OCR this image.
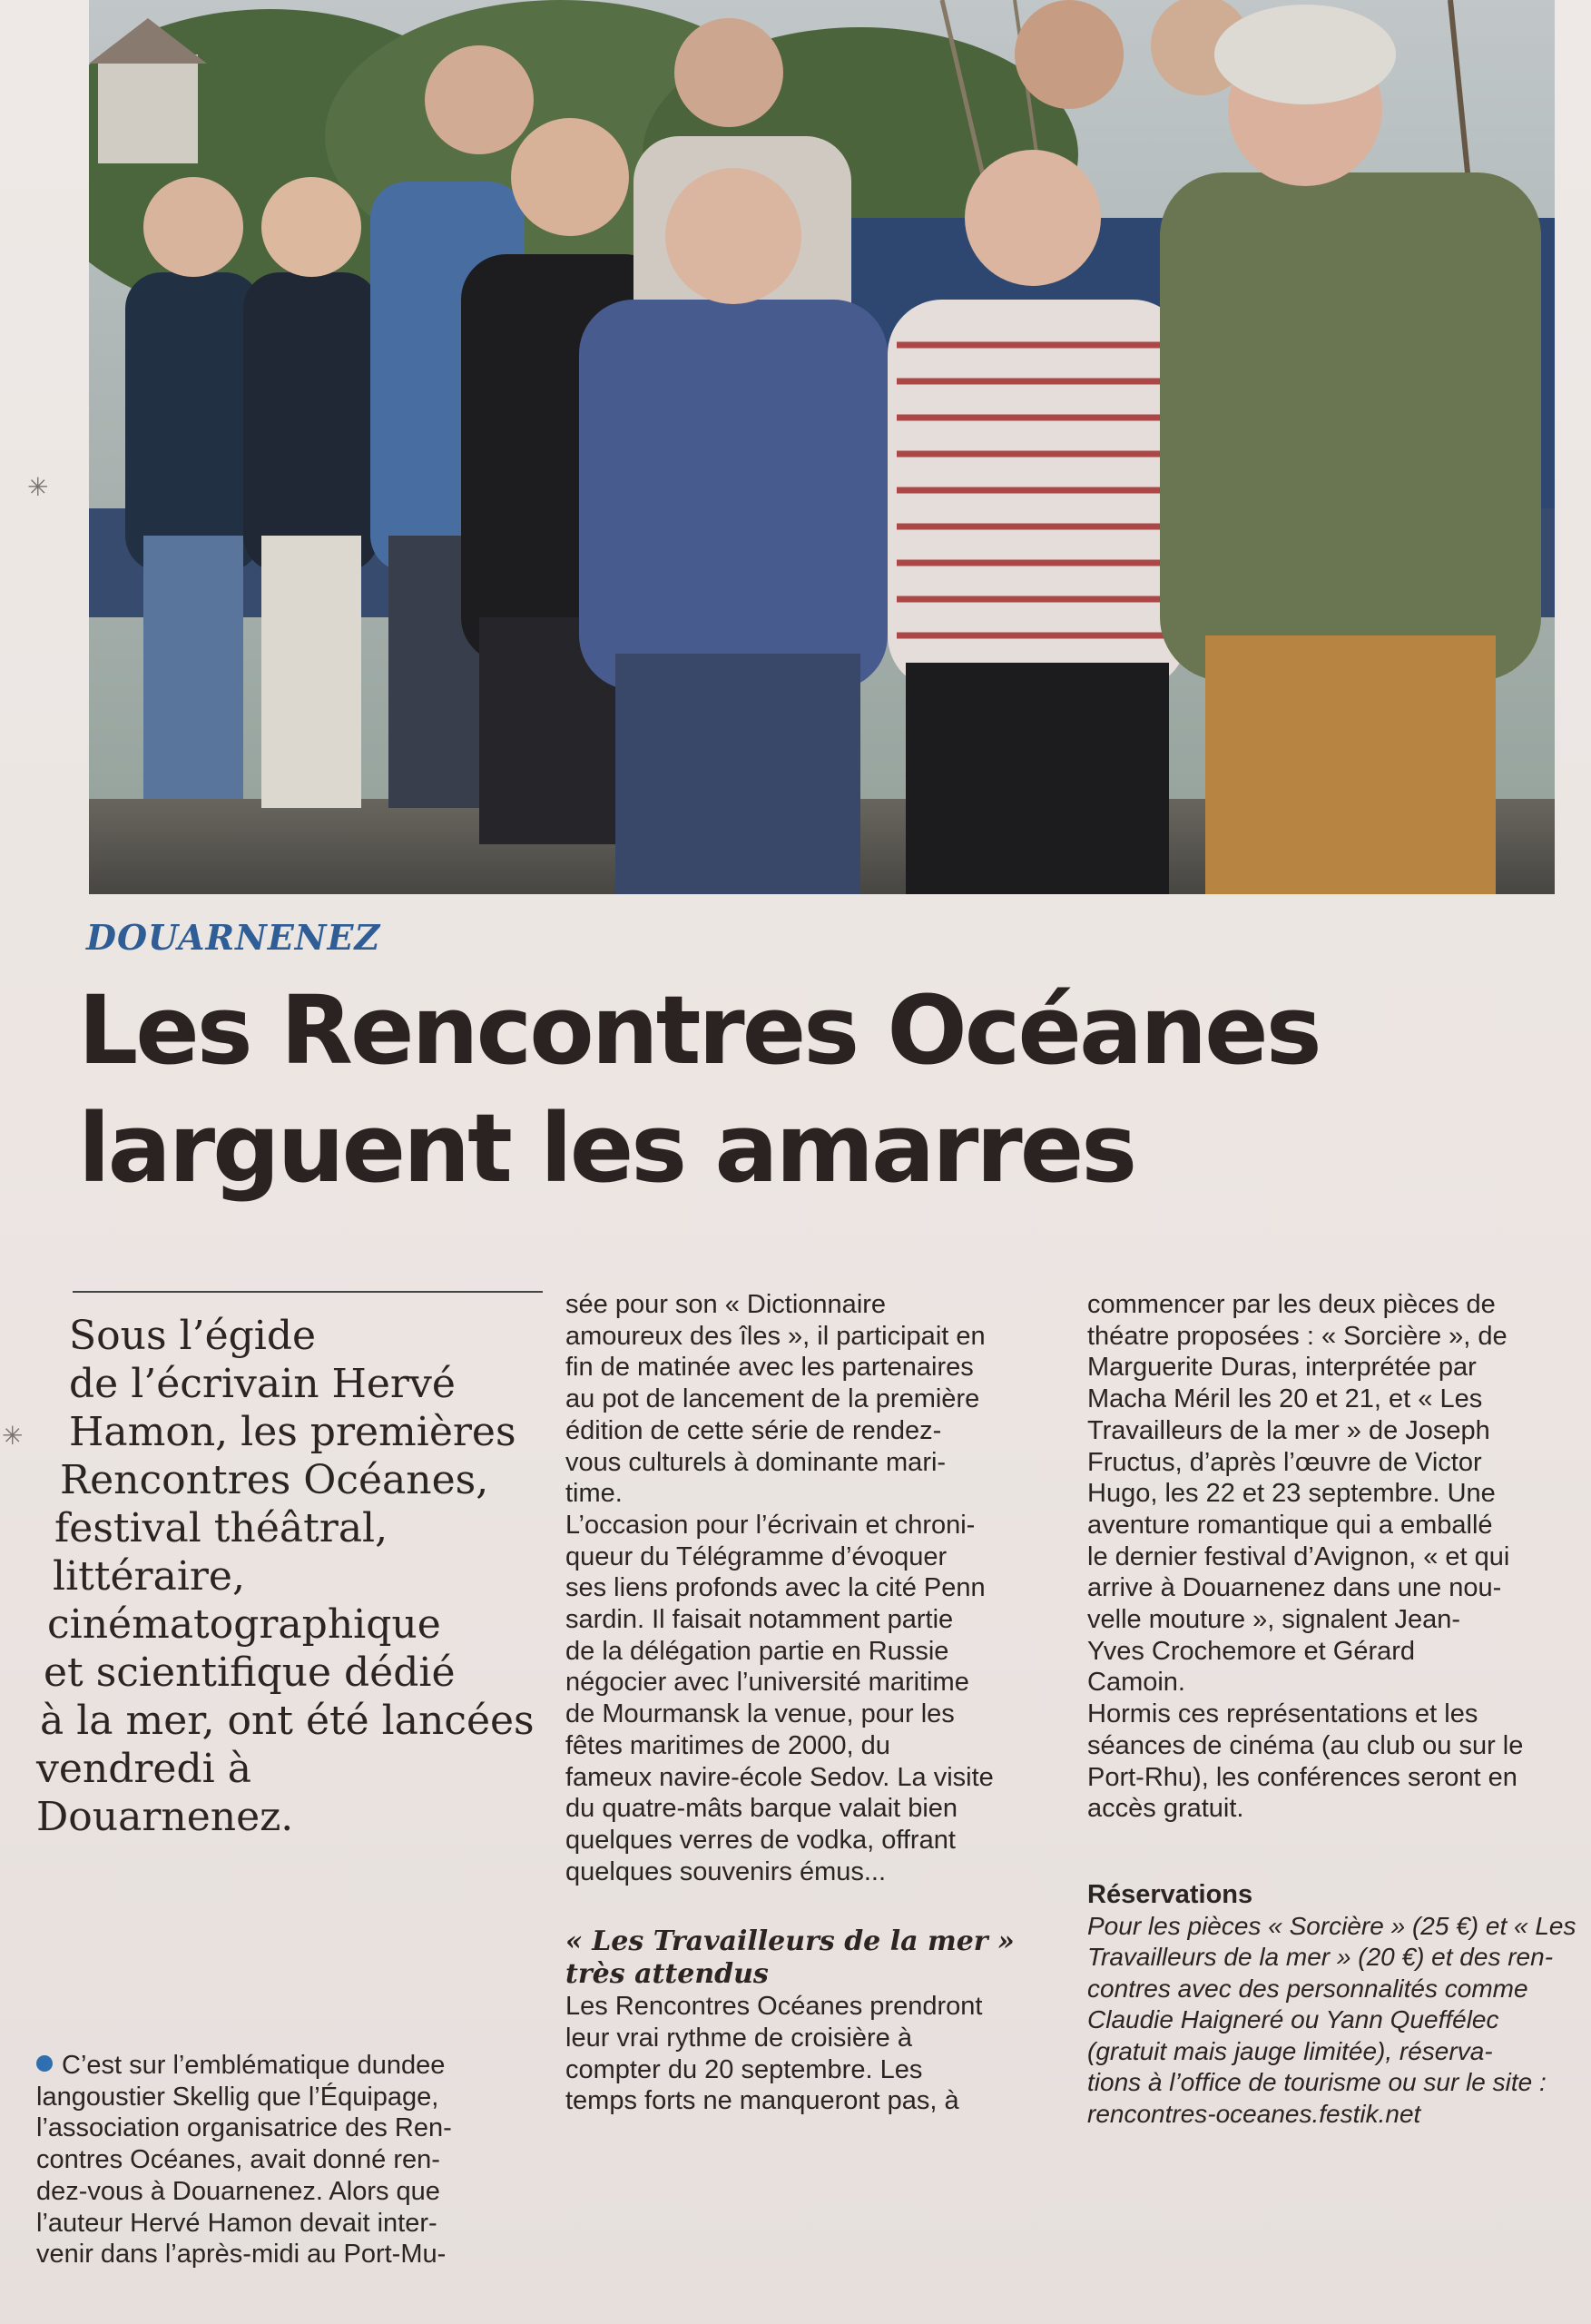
DOUARNENEZ
Les Rencontres Océanes
larguent les amarres
Sous l’égide
de l’écrivain Hervé
Hamon, les premières
Rencontres Océanes,
festival théâtral,
littéraire,
cinématographique
et scientifique dédié
à la mer, ont été lancées
vendredi à
Douarnenez.
C’est sur l’emblématique dundee
langoustier Skellig que l’Équipage,
l’association organisatrice des Ren-
contres Océanes, avait donné ren-
dez-vous à Douarnenez. Alors que
l’auteur Hervé Hamon devait inter-
venir dans l’après-midi au Port-Mu-
sée pour son « Dictionnaire
amoureux des îles », il participait en
fin de matinée avec les partenaires
au pot de lancement de la première
édition de cette série de rendez-
vous culturels à dominante mari-
time.
L’occasion pour l’écrivain et chroni-
queur du Télégramme d’évoquer
ses liens profonds avec la cité Penn
sardin. Il faisait notamment partie
de la délégation partie en Russie
négocier avec l’université maritime
de Mourmansk la venue, pour les
fêtes maritimes de 2000, du
fameux navire-école Sedov. La visite
du quatre-mâts barque valait bien
quelques verres de vodka, offrant
quelques souvenirs émus...
« Les Travailleurs de la mer »
très attendus
Les Rencontres Océanes prendront
leur vrai rythme de croisière à
compter du 20 septembre. Les
temps forts ne manqueront pas, à
commencer par les deux pièces de
théatre proposées : « Sorcière », de
Marguerite Duras, interprétée par
Macha Méril les 20 et 21, et « Les
Travailleurs de la mer » de Joseph
Fructus, d’après l’œuvre de Victor
Hugo, les 22 et 23 septembre. Une
aventure romantique qui a emballé
le dernier festival d’Avignon, « et qui
arrive à Douarnenez dans une nou-
velle mouture », signalent Jean-
Yves Crochemore et Gérard
Camoin.
Hormis ces représentations et les
séances de cinéma (au club ou sur le
Port-Rhu), les conférences seront en
accès gratuit.
Réservations
Pour les pièces « Sorcière » (25 €) et « Les
Travailleurs de la mer » (20 €) et des ren-
contres avec des personnalités comme
Claudie Haigneré ou Yann Queffélec
(gratuit mais jauge limitée), réserva-
tions à l’office de tourisme ou sur le site :
rencontres-oceanes.festik.net
✳
✳
